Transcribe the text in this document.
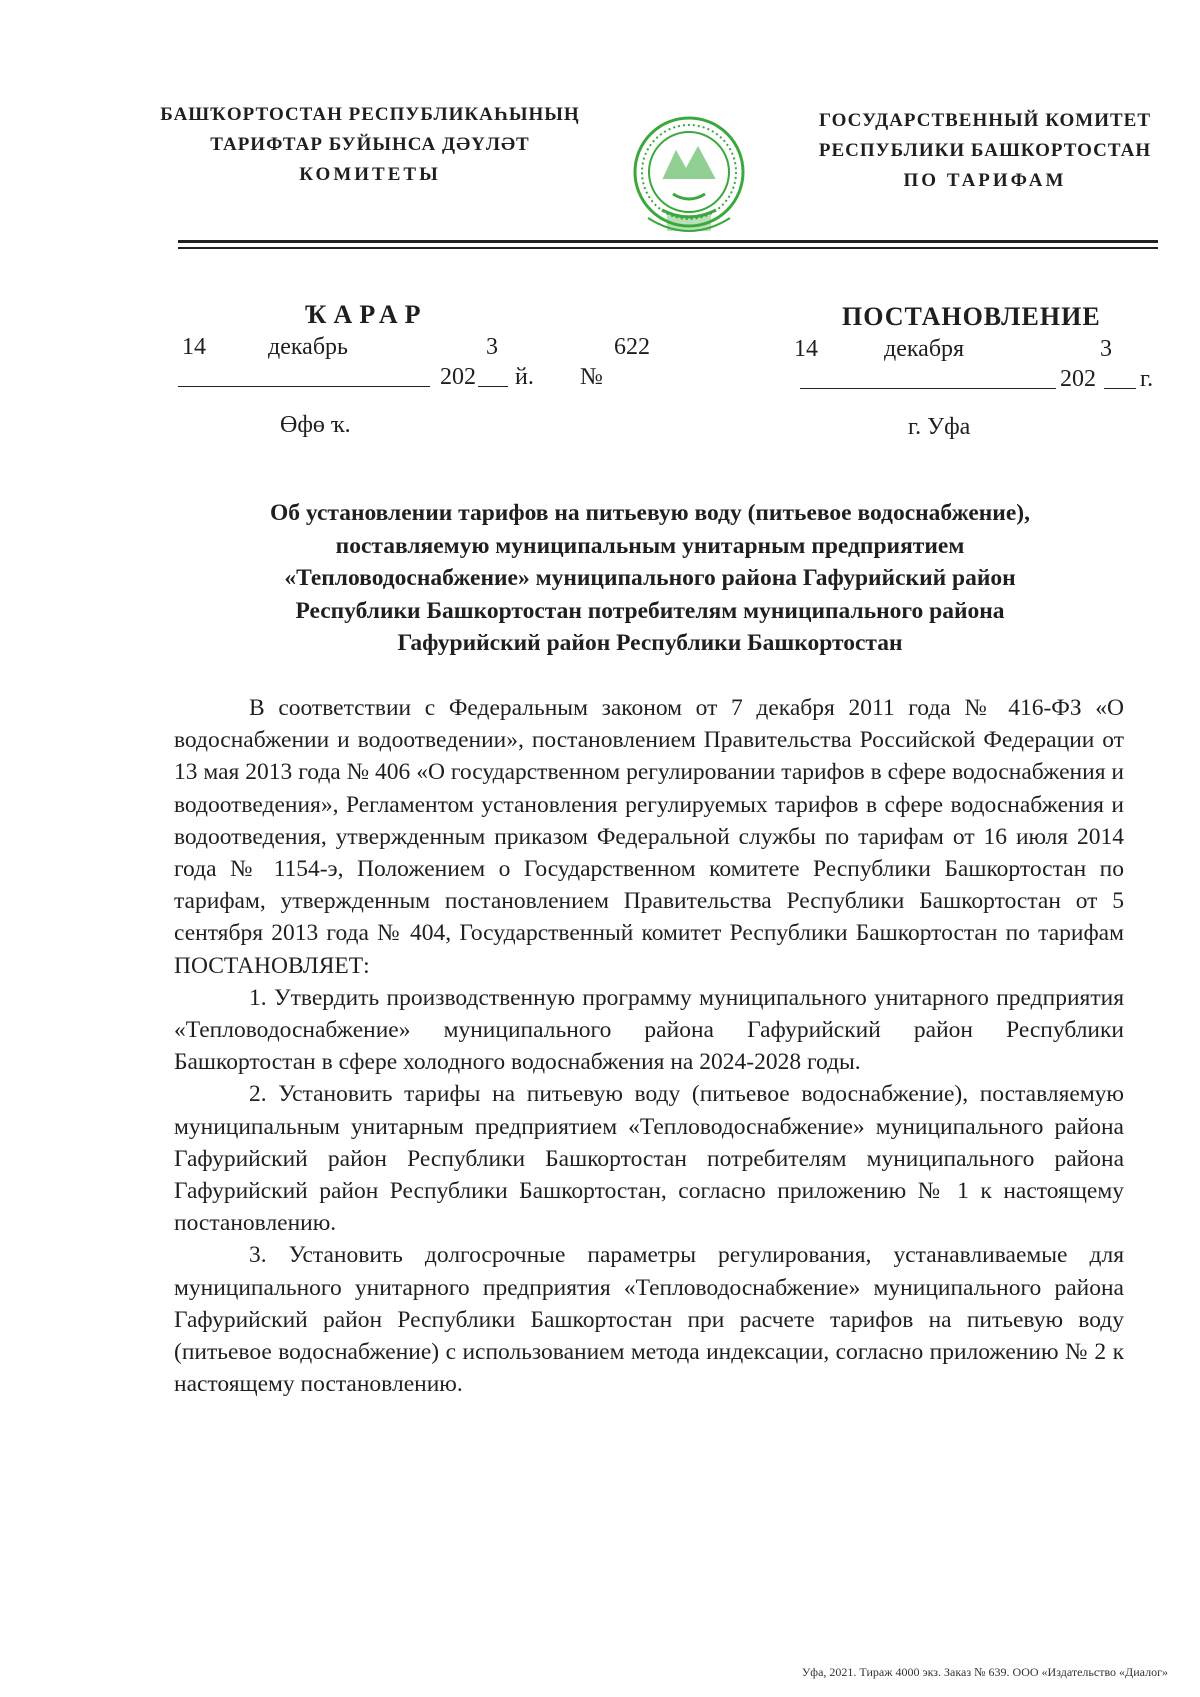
БАШҠОРТОСТАН РЕСПУБЛИКАҺЫНЫҢ
ТАРИФТАР БУЙЫНСА ДӘҮЛӘТ
КОМИТЕТЫ
ГОСУДАРСТВЕННЫЙ КОМИТЕТ
РЕСПУБЛИКИ БАШКОРТОСТАН
ПО ТАРИФАМ
ҠАРАР
14	декабрь	3	622
202 й. №
Өфө ҡ.
ПОСТАНОВЛЕНИЕ
14	декабря	3
202 г.
г. Уфа
Об установлении тарифов на питьевую воду (питьевое водоснабжение),
поставляемую муниципальным унитарным предприятием
«Тепловодоснабжение» муниципального района Гафурийский район
Республики Башкортостан потребителям муниципального района
Гафурийский район Республики Башкортостан

В соответствии с Федеральным законом от 7 декабря 2011 года № 416-ФЗ «О водоснабжении и водоотведении», постановлением Правительства Российской Федерации от 13 мая 2013 года № 406 «О государственном регулировании тарифов в сфере водоснабжения и водоотведения», Регламентом установления регулируемых тарифов в сфере водоснабжения и водоотведения, утвержденным приказом Федеральной службы по тарифам от 16 июля 2014 года № 1154-э, Положением о Государственном комитете Республики Башкортостан по тарифам, утвержденным постановлением Правительства Республики Башкортостан от 5 сентября 2013 года № 404, Государственный комитет Республики Башкортостан по тарифам ПОСТАНОВЛЯЕТ:

1. Утвердить производственную программу муниципального унитарного предприятия «Тепловодоснабжение» муниципального района Гафурийский район Республики Башкортостан в сфере холодного водоснабжения на 2024-2028 годы.

2. Установить тарифы на питьевую воду (питьевое водоснабжение), поставляемую муниципальным унитарным предприятием «Тепловодоснабжение» муниципального района Гафурийский район Республики Башкортостан потребителям муниципального района Гафурийский район Республики Башкортостан, согласно приложению № 1 к настоящему постановлению.

3. Установить долгосрочные параметры регулирования, устанавливаемые для муниципального унитарного предприятия «Тепловодоснабжение» муниципального района Гафурийский район Республики Башкортостан при расчете тарифов на питьевую воду (питьевое водоснабжение) с использованием метода индексации, согласно приложению № 2 к настоящему постановлению.

Уфа, 2021. Тираж 4000 экз. Заказ № 639. ООО «Издательство «Диалог»
